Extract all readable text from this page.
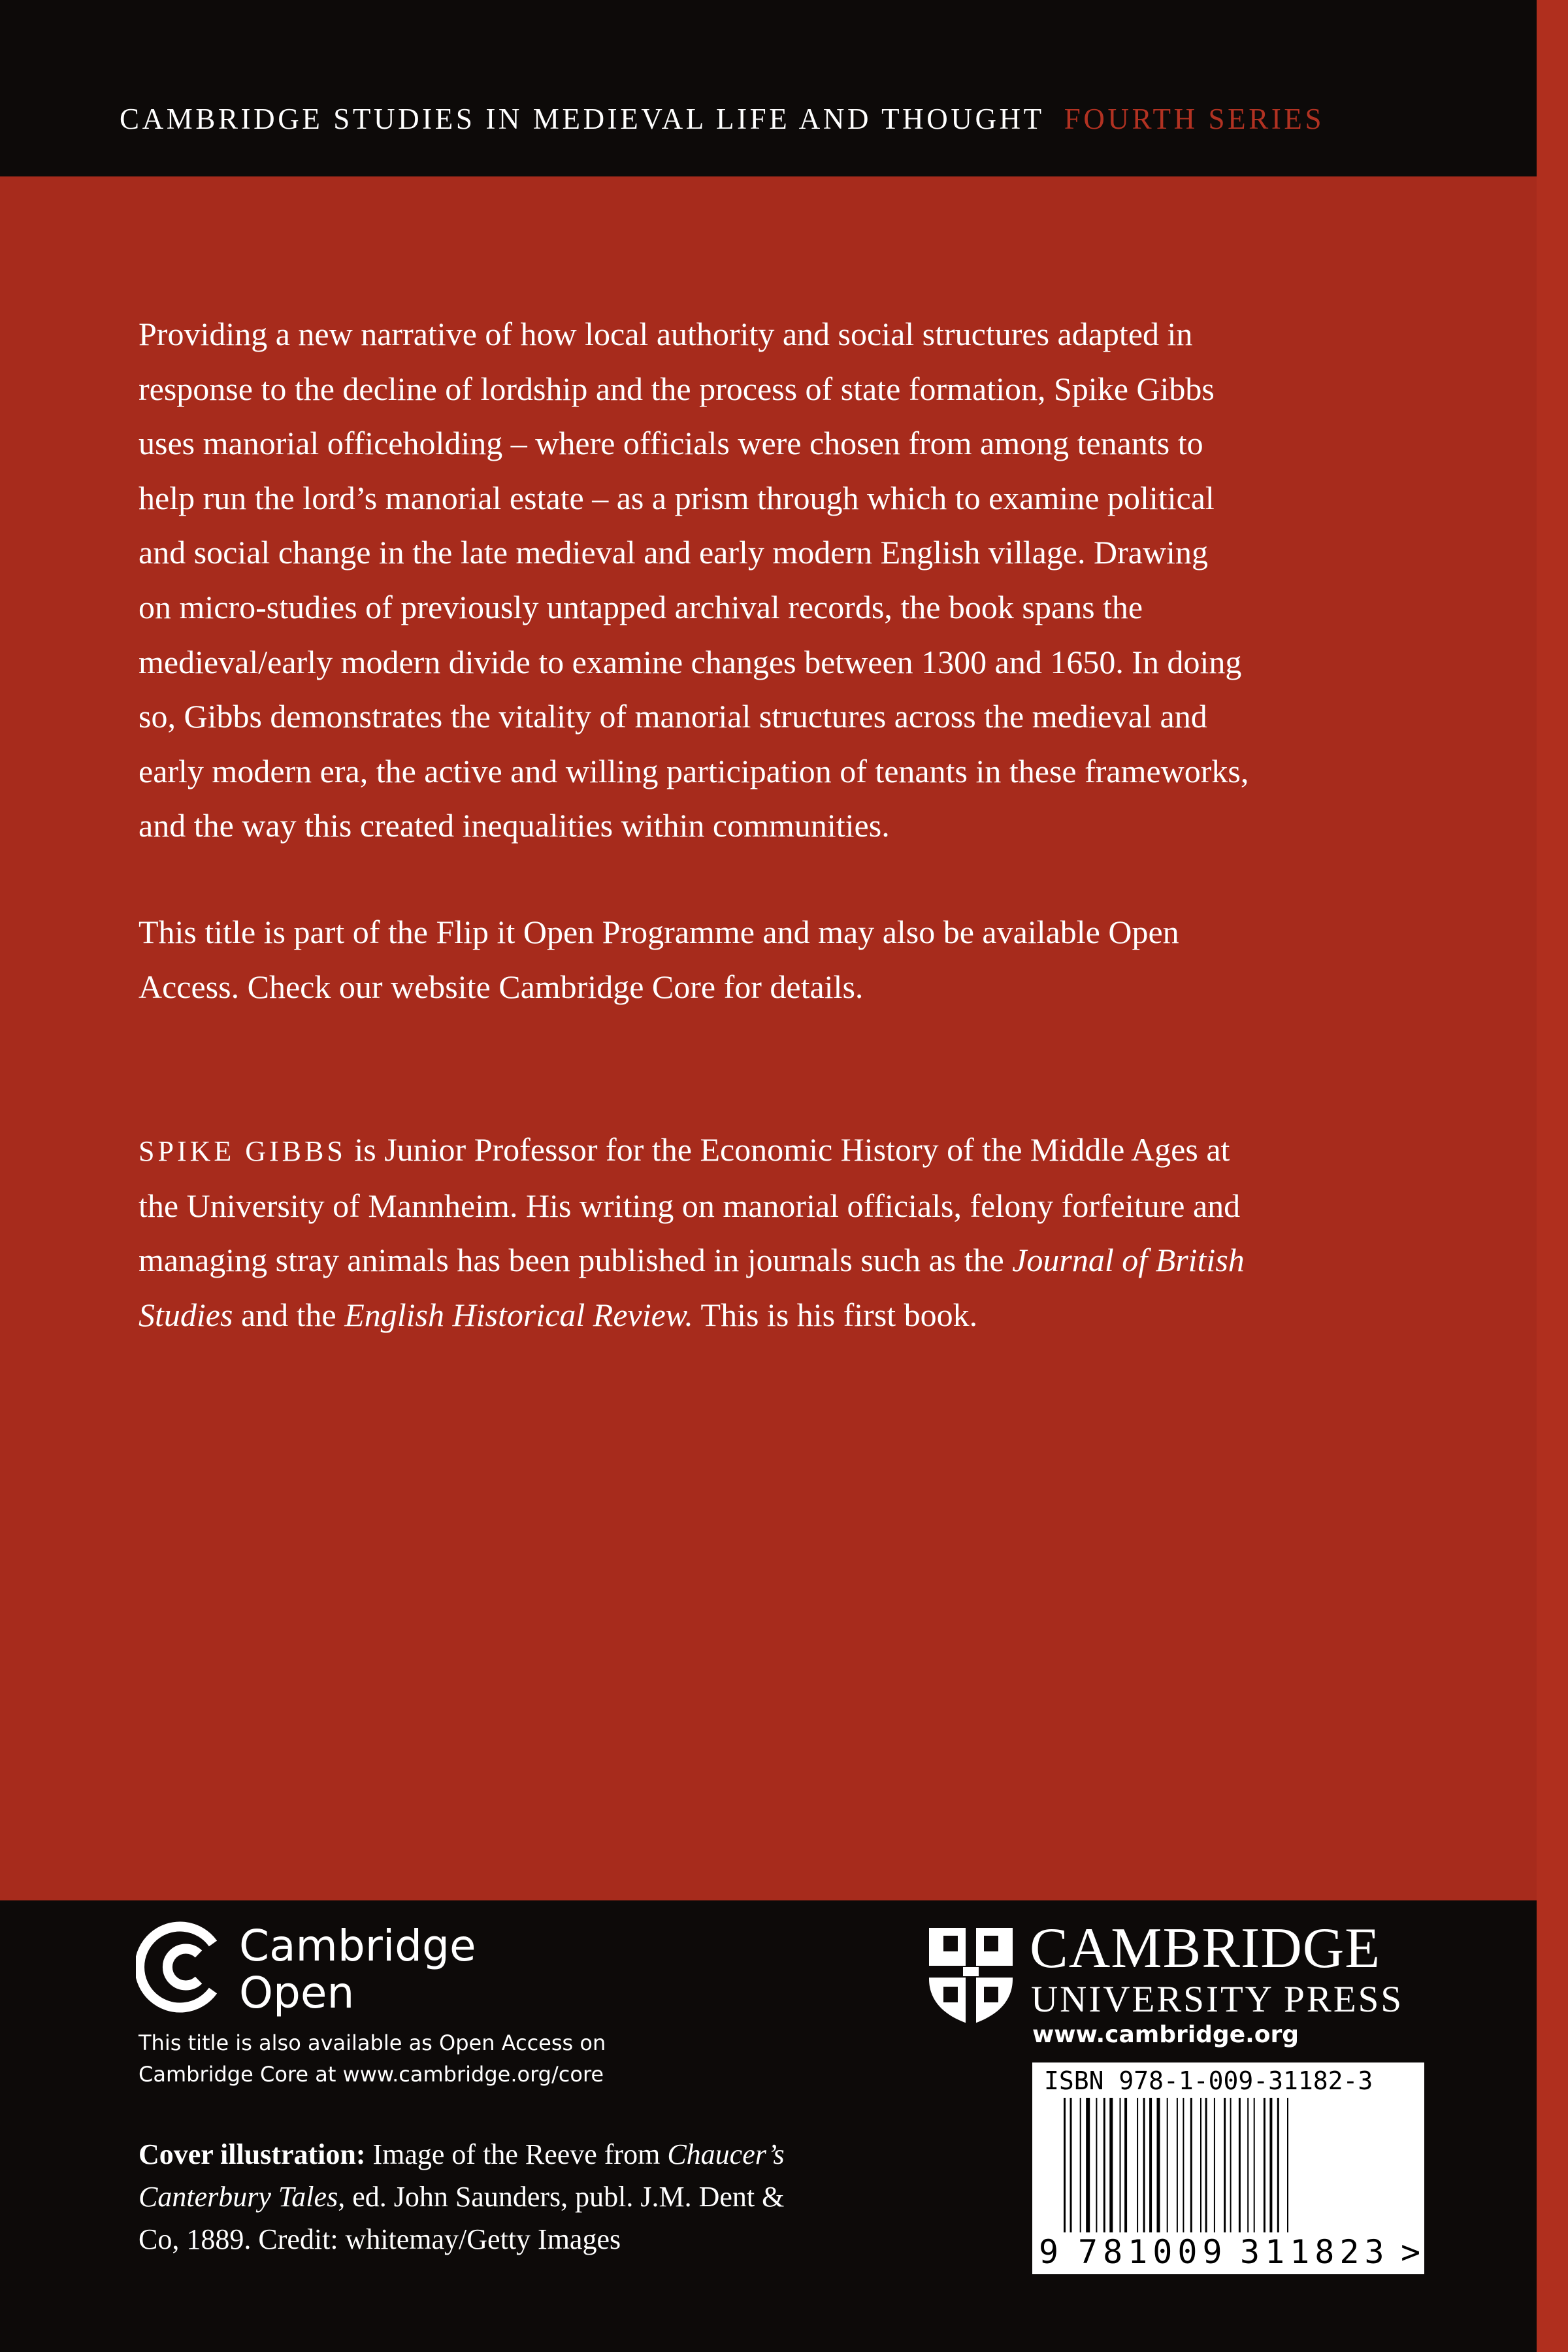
CAMBRIDGE STUDIES IN MEDIEVAL LIFE AND THOUGHT FOURTH SERIES

Providing a new narrative of how local authority and social structures adapted in

response to the decline of lordship and the process of state formation, Spike Gibbs

uses manorial officeholding – where officials were chosen from among tenants to

help run the lord’s manorial estate – as a prism through which to examine political

and social change in the late medieval and early modern English village. Drawing

on micro-studies of previously untapped archival records, the book spans the

medieval/early modern divide to examine changes between 1300 and 1650. In doing

so, Gibbs demonstrates the vitality of manorial structures across the medieval and

early modern era, the active and willing participation of tenants in these frameworks,

and the way this created inequalities within communities.

This title is part of the Flip it Open Programme and may also be available Open

Access. Check our website Cambridge Core for details.

SPIKE GIBBS is Junior Professor for the Economic History of the Middle Ages at

the University of Mannheim. His writing on manorial officials, felony forfeiture and

managing stray animals has been published in journals such as the Journal of British

Studies and the English Historical Review. This is his first book.

Cambridge
Open
This title is also available as Open Access on
Cambridge Core at www.cambridge.org/core
Cover illustration: Image of the Reeve from Chaucer’s
Canterbury Tales, ed. John Saunders, publ. J.M. Dent &
Co, 1889. Credit: whitemay/Getty Images
CAMBRIDGE
UNIVERSITY PRESS
www.cambridge.org
ISBN 978-1-009-31182-3
9 781009 311823 >
